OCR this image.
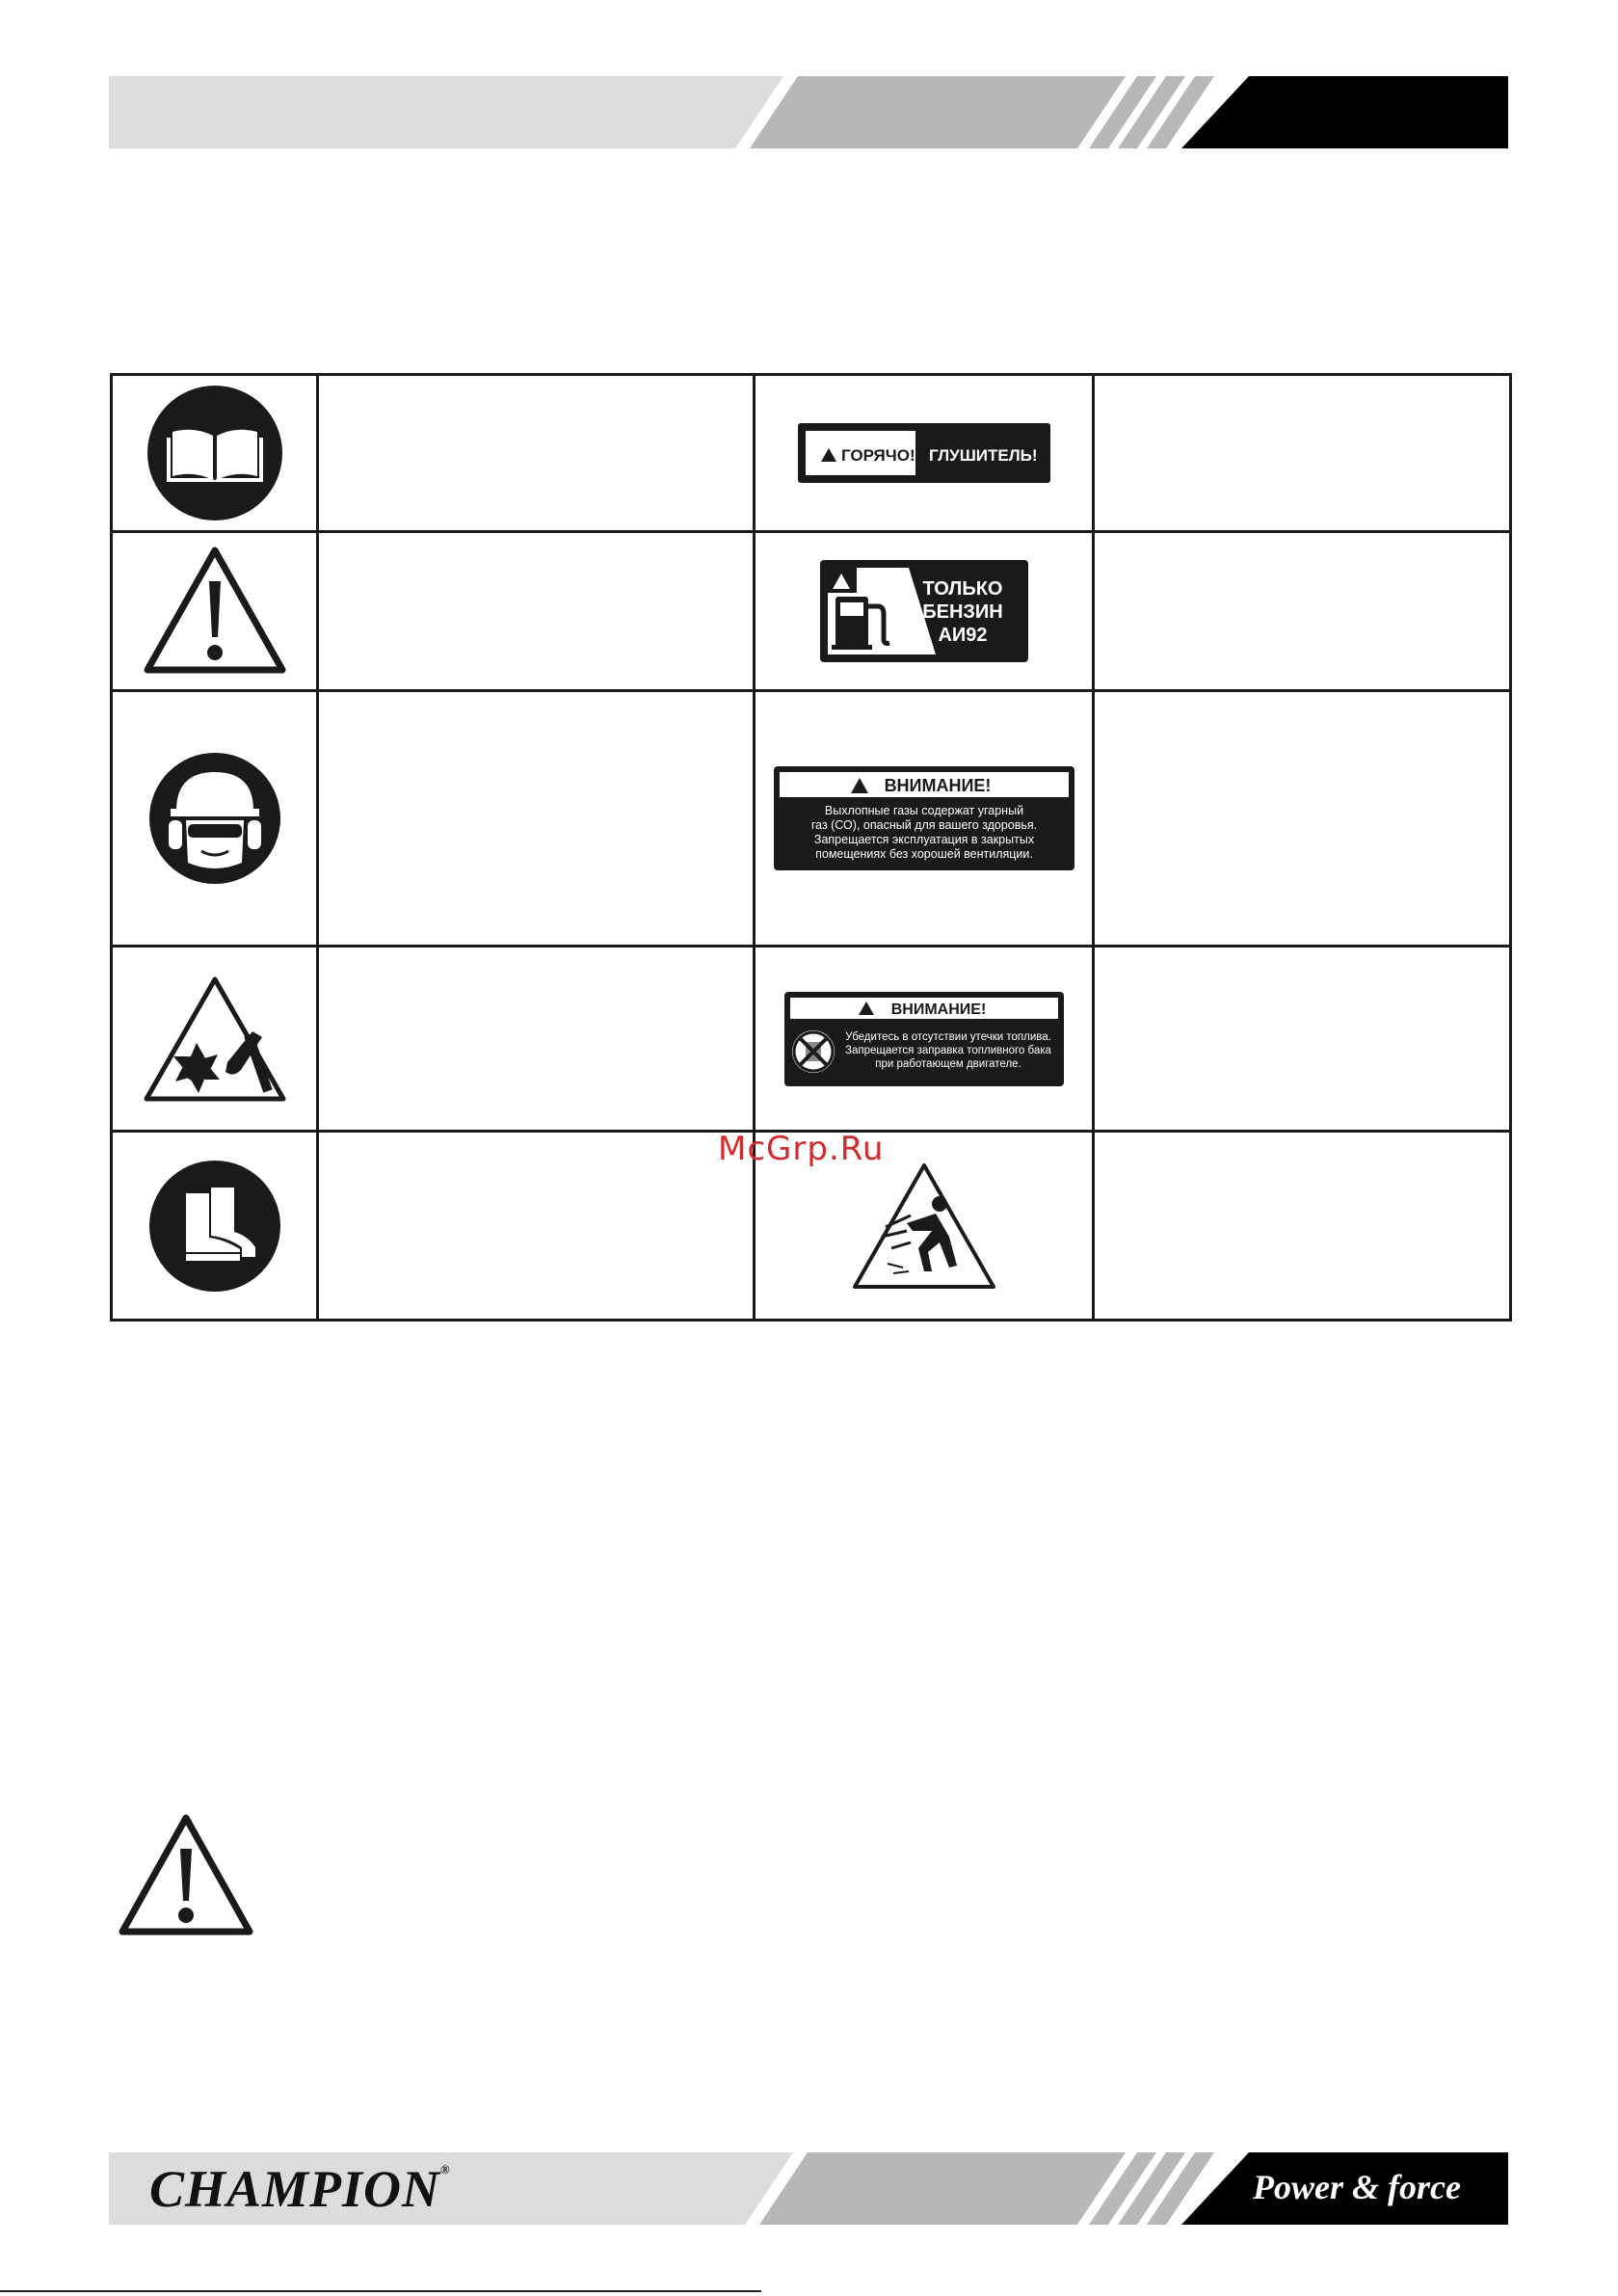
ГОРЯЧО! ГЛУШИТЕЛЬ!	

ТОЛЬКО
БЕНЗИН
АИ92	

ВНИМАНИЕ!
Выхлопные газы содержат угарный
газ (СО), опасный для вашего здоровья.
Запрещается эксплуатация в закрытых
помещениях без хорошей вентиляции.	

ВНИМАНИЕ!
Убедитесь в отсутствии утечки топлива.
Запрещается заправка топливного бака
при работающем двигателе.	

McGrp.Ru
CHAMPION®	Power & force
